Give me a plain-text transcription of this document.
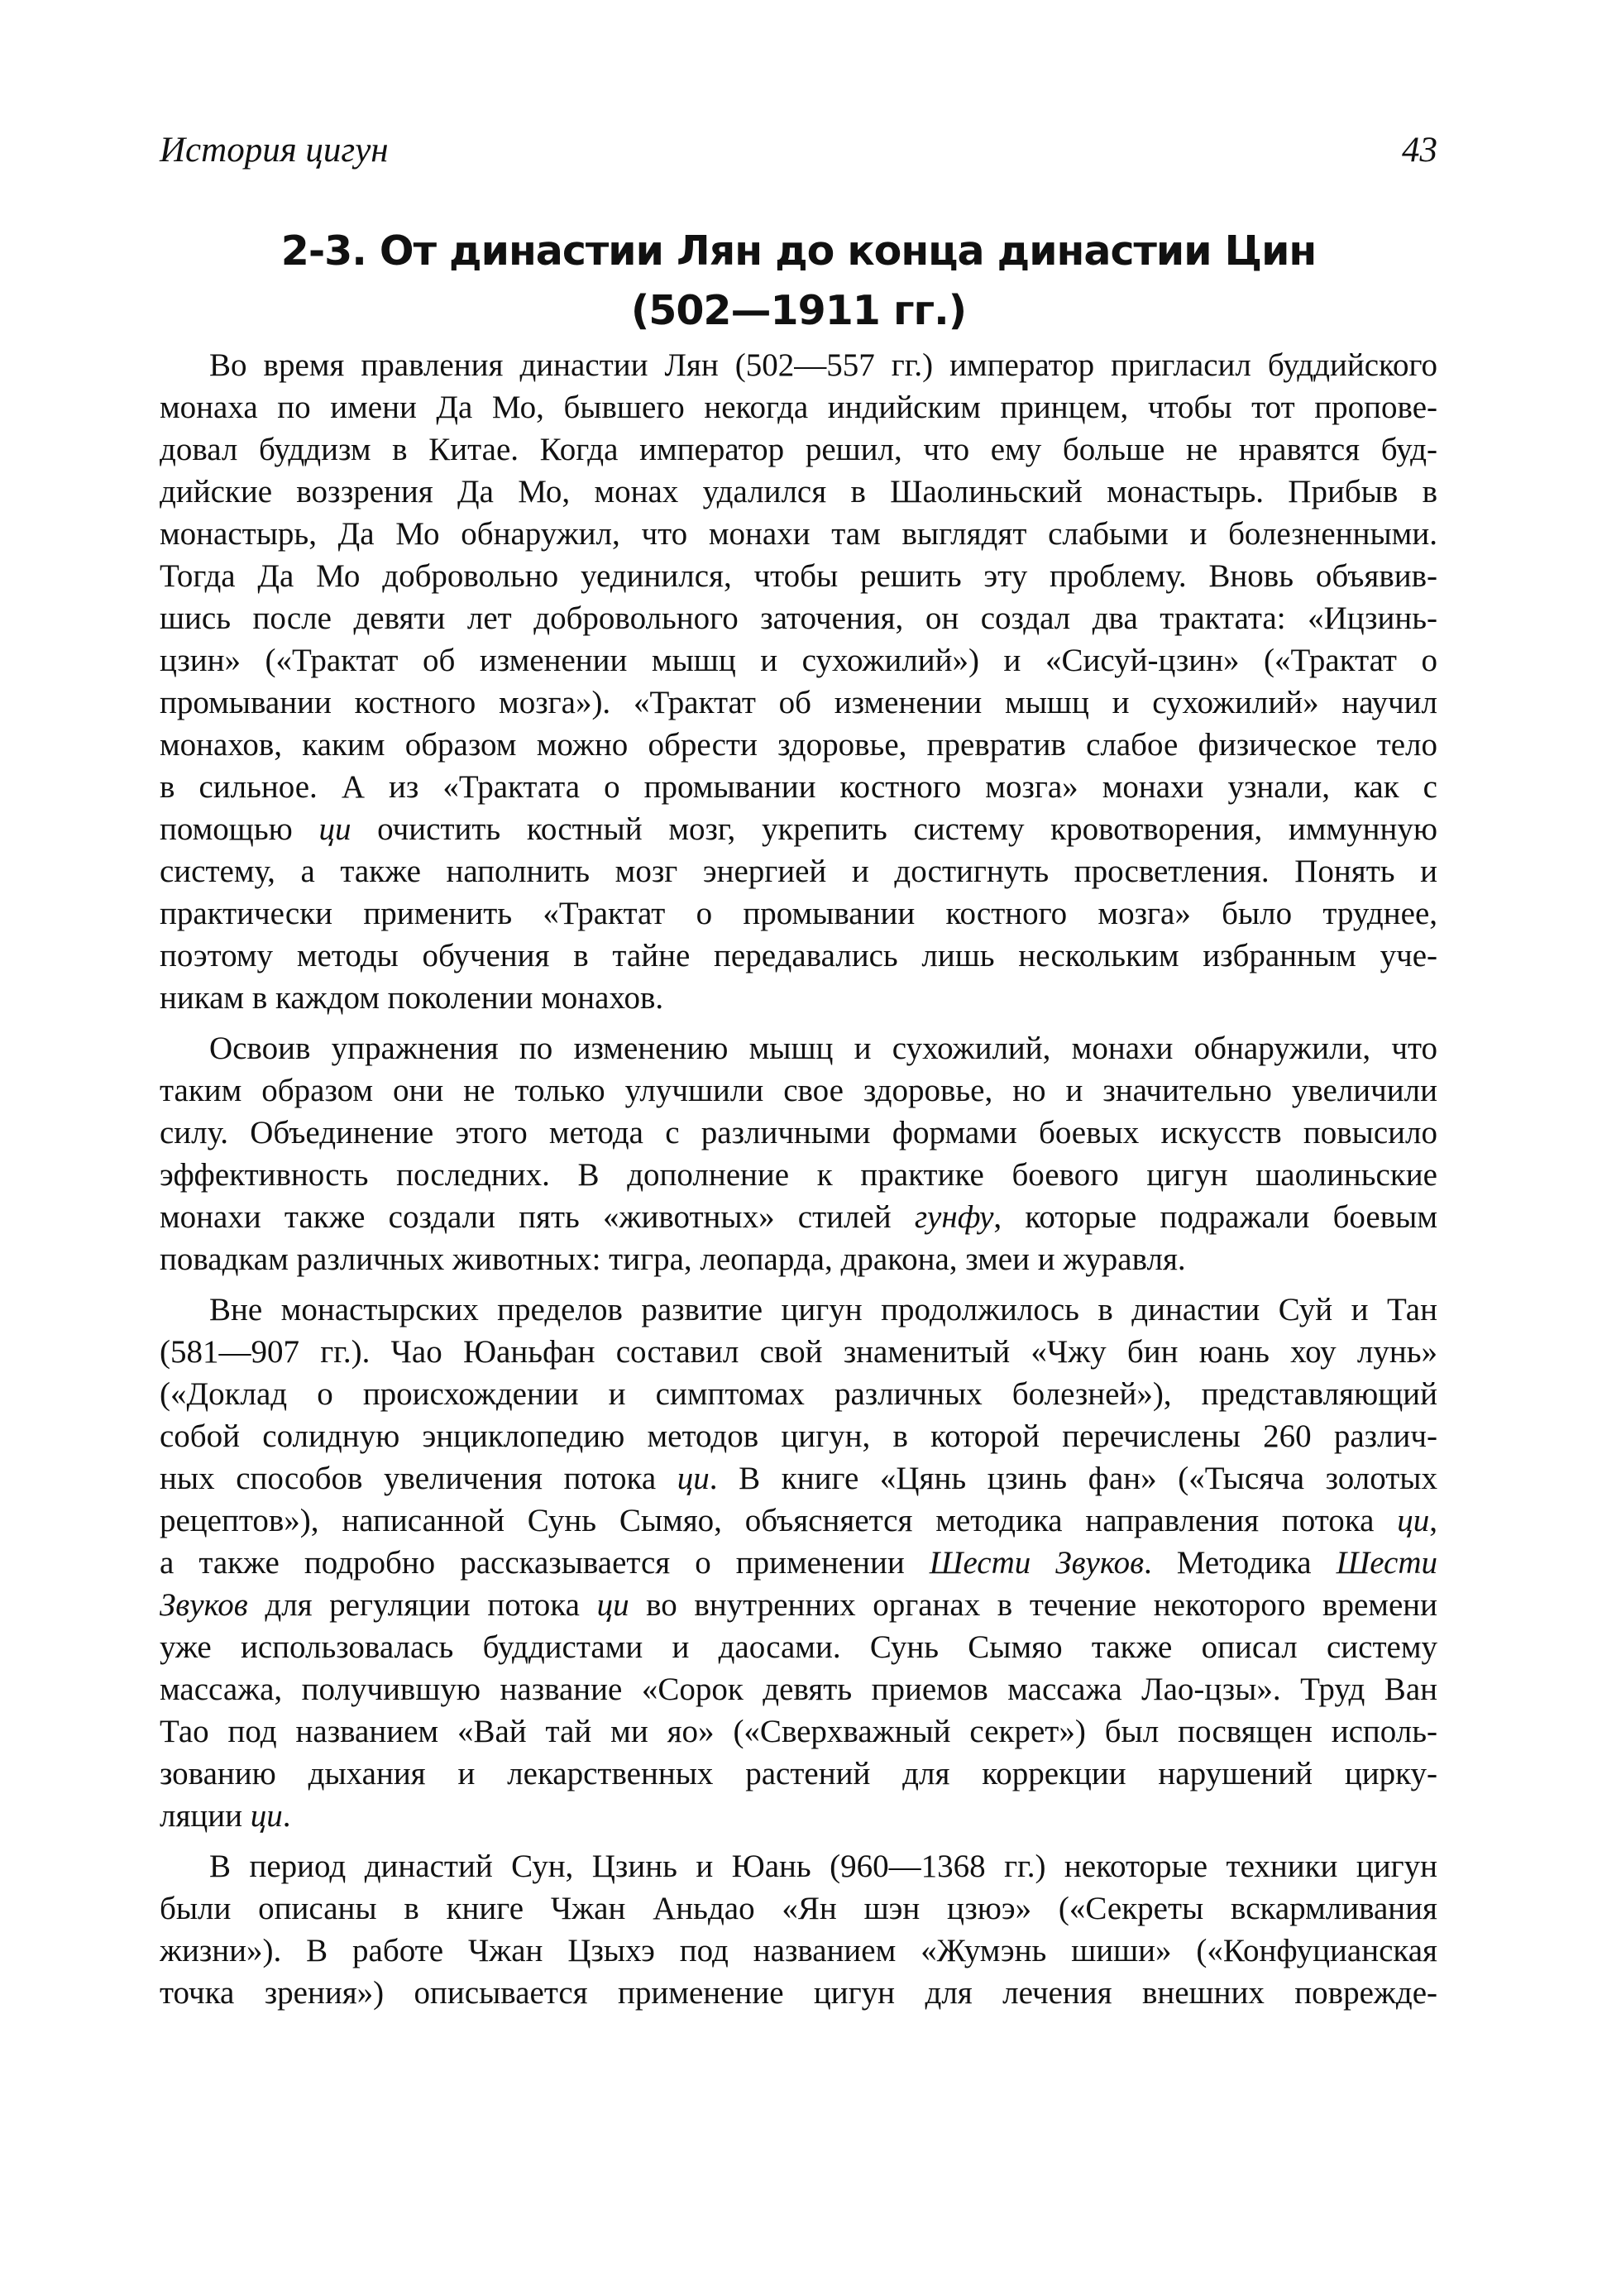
История цигун	43
2-3. От династии Лян до конца династии Цин
(502—1911 гг.)
Во время правления династии Лян (502—557 гг.) император пригласил буддийского
монаха по имени Да Мо, бывшего некогда индийским принцем, чтобы тот пропове-
довал буддизм в Китае. Когда император решил, что ему больше не нравятся буд-
дийские воззрения Да Мо, монах удалился в Шаолиньский монастырь. Прибыв в
монастырь, Да Мо обнаружил, что монахи там выглядят слабыми и болезненными.
Тогда Да Мо добровольно уединился, чтобы решить эту проблему. Вновь объявив-
шись после девяти лет добровольного заточения, он создал два трактата: «Ицзинь-
цзин» («Трактат об изменении мышц и сухожилий») и «Сисуй-цзин» («Трактат о
промывании костного мозга»). «Трактат об изменении мышц и сухожилий» научил
монахов, каким образом можно обрести здоровье, превратив слабое физическое тело
в сильное. А из «Трактата о промывании костного мозга» монахи узнали, как с
помощью ци очистить костный мозг, укрепить систему кровотворения, иммунную
систему, а также наполнить мозг энергией и достигнуть просветления. Понять и
практически применить «Трактат о промывании костного мозга» было труднее,
поэтому методы обучения в тайне передавались лишь нескольким избранным уче-
никам в каждом поколении монахов.
Освоив упражнения по изменению мышц и сухожилий, монахи обнаружили, что
таким образом они не только улучшили свое здоровье, но и значительно увеличили
силу. Объединение этого метода с различными формами боевых искусств повысило
эффективность последних. В дополнение к практике боевого цигун шаолиньские
монахи также создали пять «животных» стилей гунфу, которые подражали боевым
повадкам различных животных: тигра, леопарда, дракона, змеи и журавля.
Вне монастырских пределов развитие цигун продолжилось в династии Суй и Тан
(581—907 гг.). Чао Юаньфан составил свой знаменитый «Чжу бин юань хоу лунь»
(«Доклад о происхождении и симптомах различных болезней»), представляющий
собой солидную энциклопедию методов цигун, в которой перечислены 260 различ-
ных способов увеличения потока ци. В книге «Цянь цзинь фан» («Тысяча золотых
рецептов»), написанной Сунь Сымяо, объясняется методика направления потока ци,
а также подробно рассказывается о применении Шести Звуков. Методика Шести
Звуков для регуляции потока ци во внутренних органах в течение некоторого времени
уже использовалась буддистами и даосами. Сунь Сымяо также описал систему
массажа, получившую название «Сорок девять приемов массажа Лао-цзы». Труд Ван
Тао под названием «Вай тай ми яо» («Сверхважный секрет») был посвящен исполь-
зованию дыхания и лекарственных растений для коррекции нарушений цирку-
ляции ци.
В период династий Сун, Цзинь и Юань (960—1368 гг.) некоторые техники цигун
были описаны в книге Чжан Аньдао «Ян шэн цзюэ» («Секреты вскармливания
жизни»). В работе Чжан Цзыхэ под названием «Жумэнь шиши» («Конфуцианская
точка зрения») описывается применение цигун для лечения внешних поврежде-
